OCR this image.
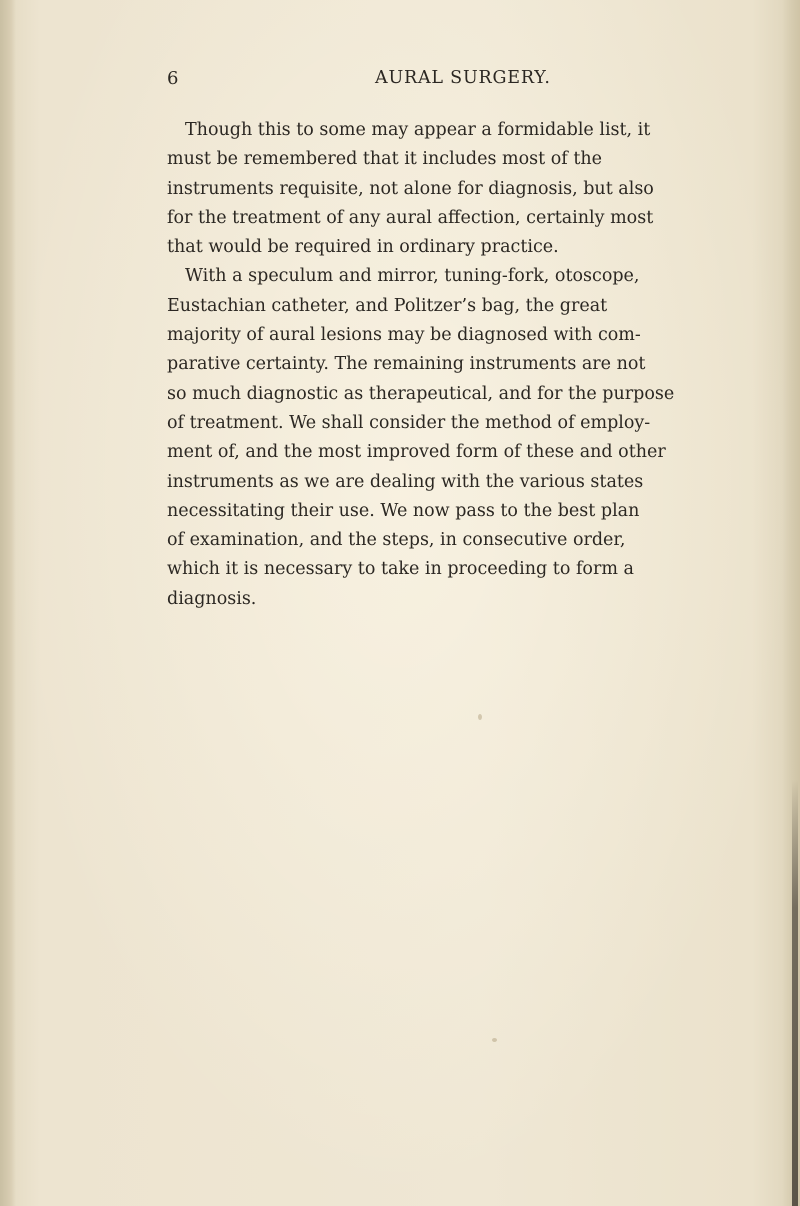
6	AURAL SURGERY.
Though this to some may appear a formidable list, it
must be remembered that it includes most of the
instruments requisite, not alone for diagnosis, but also
for the treatment of any aural affection, certainly most
that would be required in ordinary practice.
With a speculum and mirror, tuning-fork, otoscope,
Eustachian catheter, and Politzer’s bag, the great
majority of aural lesions may be diagnosed with com-
parative certainty. The remaining instruments are not
so much diagnostic as therapeutical, and for the purpose
of treatment. We shall consider the method of employ-
ment of, and the most improved form of these and other
instruments as we are dealing with the various states
necessitating their use. We now pass to the best plan
of examination, and the steps, in consecutive order,
which it is necessary to take in proceeding to form a
diagnosis.
